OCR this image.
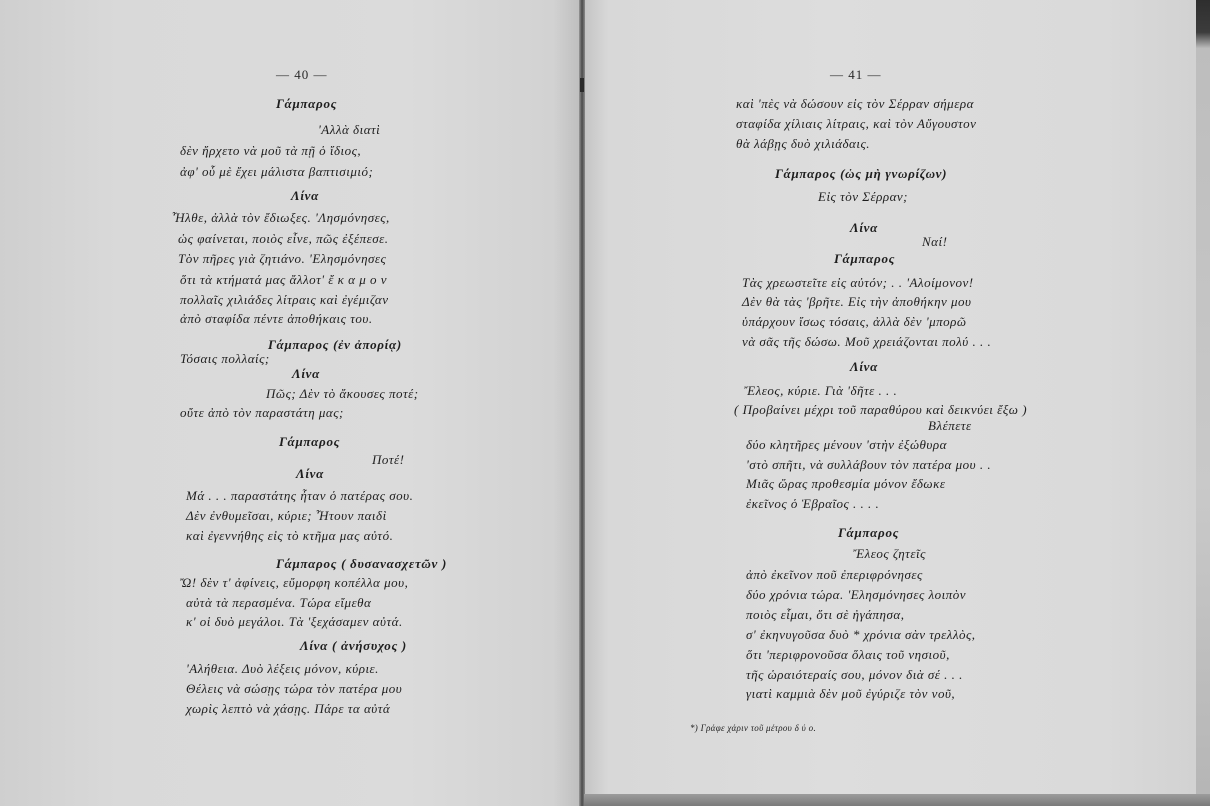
— 40 —
Γάμπαρος
'Αλλὰ διατὶ
δὲν ἤρχετο νὰ μοῦ τὰ πῇ ὁ ἴδιος,
ἀφ' οὗ μὲ ἔχει μάλιστα βαπτισιμιό;
Λίνα
Ἦλθε, ἀλλὰ τὸν ἔδιωξες. 'Λησμόνησες,
ὡς φαίνεται, ποιὸς εἶνε, πῶς ἐξέπεσε.
Τὸν πῆρες γιὰ ζητιάνο. 'Ελησμόνησες
ὅτι τὰ κτήματά μας ἄλλοτ' ἔ κ α μ ο ν
πολλαῖς χιλιάδες λίτραις καὶ ἐγέμιζαν
ἀπὸ σταφίδα πέντε ἀποθήκαις του.
Γάμπαρος (ἐν ἀπορίᾳ)
Τόσαις πολλαίς;
Λίνα
Πῶς; Δὲν τὸ ἄκουσες ποτέ;
οὔτε ἀπὸ τὸν παραστάτη μας;
Γάμπαρος
Ποτέ!
Λίνα
Μά . . . παραστάτης ἦταν ὁ πατέρας σου.
Δὲν ἐνθυμεῖσαι, κύριε; Ἦτουν παιδὶ
καὶ ἐγεννήθης εἰς τὸ κτῆμα μας αὐτό.
Γάμπαρος ( δυσανασχετῶν )
Ὤ! δὲν τ' ἀφίνεις, εὔμορφη κοπέλλα μου,
αὐτὰ τὰ περασμένα. Τώρα εἴμεθα
κ' οἱ δυὸ μεγάλοι. Τὰ 'ξεχάσαμεν αὐτά.
Λίνα ( ἀνήσυχος )
'Αλήθεια. Δυὸ λέξεις μόνον, κύριε.
Θέλεις νὰ σώσῃς τώρα τὸν πατέρα μου
χωρὶς λεπτὸ νὰ χάσῃς. Πάρε τα αὐτά
— 41 —
καὶ 'πὲς νὰ δώσουν εἰς τὸν Σέρραν σήμερα
σταφίδα χίλιαις λίτραις, καὶ τὸν Αὔγουστον
θὰ λάβῃς δυὸ χιλιάδαις.
Γάμπαρος (ὡς μὴ γνωρίζων)
Εἰς τὸν Σέρραν;
Λίνα
Ναί!
Γάμπαρος
Τὰς χρεωστεῖτε εἰς αὐτόν; . . 'Αλοίμονον!
Δὲν θὰ τὰς 'βρῆτε. Εἰς τὴν ἀποθήκην μου
ὑπάρχουν ἴσως τόσαις, ἀλλὰ δὲν 'μπορῶ
νὰ σᾶς τῆς δώσω. Μοῦ χρειάζονται πολύ . . .
Λίνα
Ἔλεος, κύριε. Γιὰ 'δῆτε . . .
( Προβαίνει μέχρι τοῦ παραθύρου καὶ δεικνύει ἔξω )
Βλέπετε
δύο κλητῆρες μένουν 'στὴν ἐξώθυρα
'στὸ σπῆτι, νὰ συλλάβουν τὸν πατέρα μου . .
Μιᾶς ὥρας προθεσμία μόνον ἔδωκε
ἐκεῖνος ὁ Ἑβραῖος . . . .
Γάμπαρος
Ἔλεος ζητεῖς
ἀπὸ ἐκεῖνον ποῦ ἐπεριφρόνησες
δύο χρόνια τώρα. 'Ελησμόνησες λοιπὸν
ποιὸς εἶμαι, ὅτι σὲ ἠγάπησα,
σ' ἐκηνυγοῦσα δυὸ * χρόνια σὰν τρελλὸς,
ὅτι 'περιφρονοῦσα ὅλαις τοῦ νησιοῦ,
τῆς ὡραιότεραίς σου, μόνον διὰ σέ . . .
γιατὶ καμμιὰ δὲν μοῦ ἐγύριζε τὸν νοῦ,
*) Γράφε χάριν τοῦ μέτρου δ ύ ο.
